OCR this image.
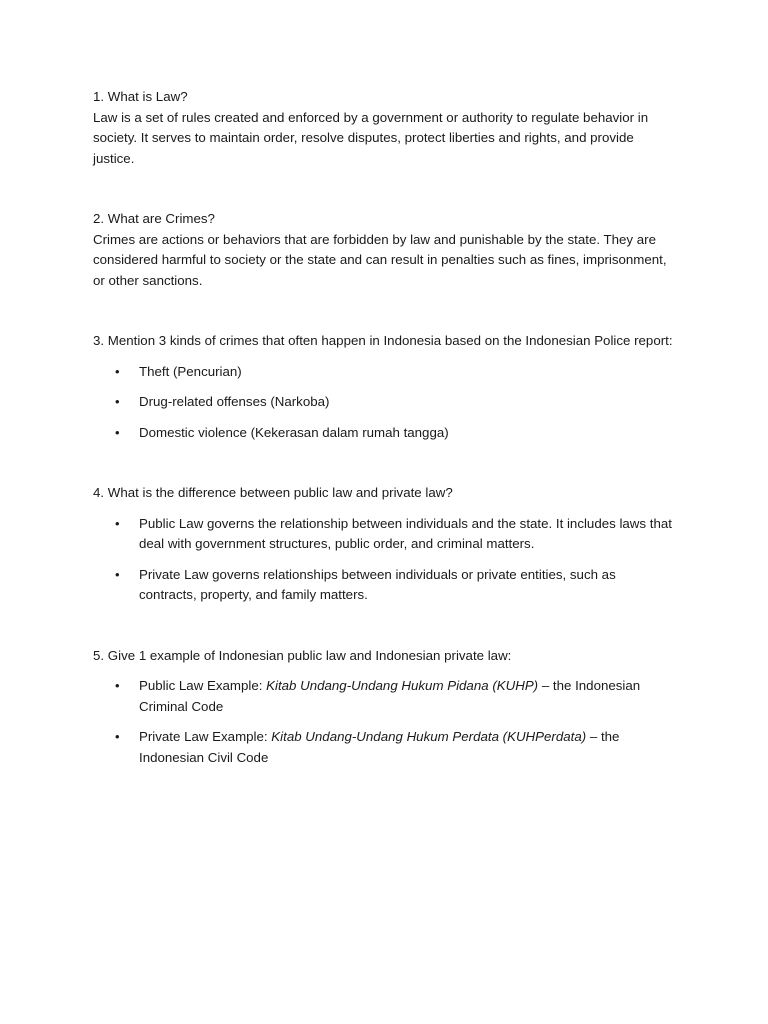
1. What is Law?

Law is a set of rules created and enforced by a government or authority to regulate behavior in society. It serves to maintain order, resolve disputes, protect liberties and rights, and provide justice.

2. What are Crimes?

Crimes are actions or behaviors that are forbidden by law and punishable by the state. They are considered harmful to society or the state and can result in penalties such as fines, imprisonment, or other sanctions.

3. Mention 3 kinds of crimes that often happen in Indonesia based on the Indonesian Police report:

• Theft (Pencurian)
• Drug-related offenses (Narkoba)
• Domestic violence (Kekerasan dalam rumah tangga)

4. What is the difference between public law and private law?

• Public Law governs the relationship between individuals and the state. It includes laws that deal with government structures, public order, and criminal matters.
• Private Law governs relationships between individuals or private entities, such as contracts, property, and family matters.

5. Give 1 example of Indonesian public law and Indonesian private law:

• Public Law Example: Kitab Undang-Undang Hukum Pidana (KUHP) – the Indonesian Criminal Code
• Private Law Example: Kitab Undang-Undang Hukum Perdata (KUHPerdata) – the Indonesian Civil Code
